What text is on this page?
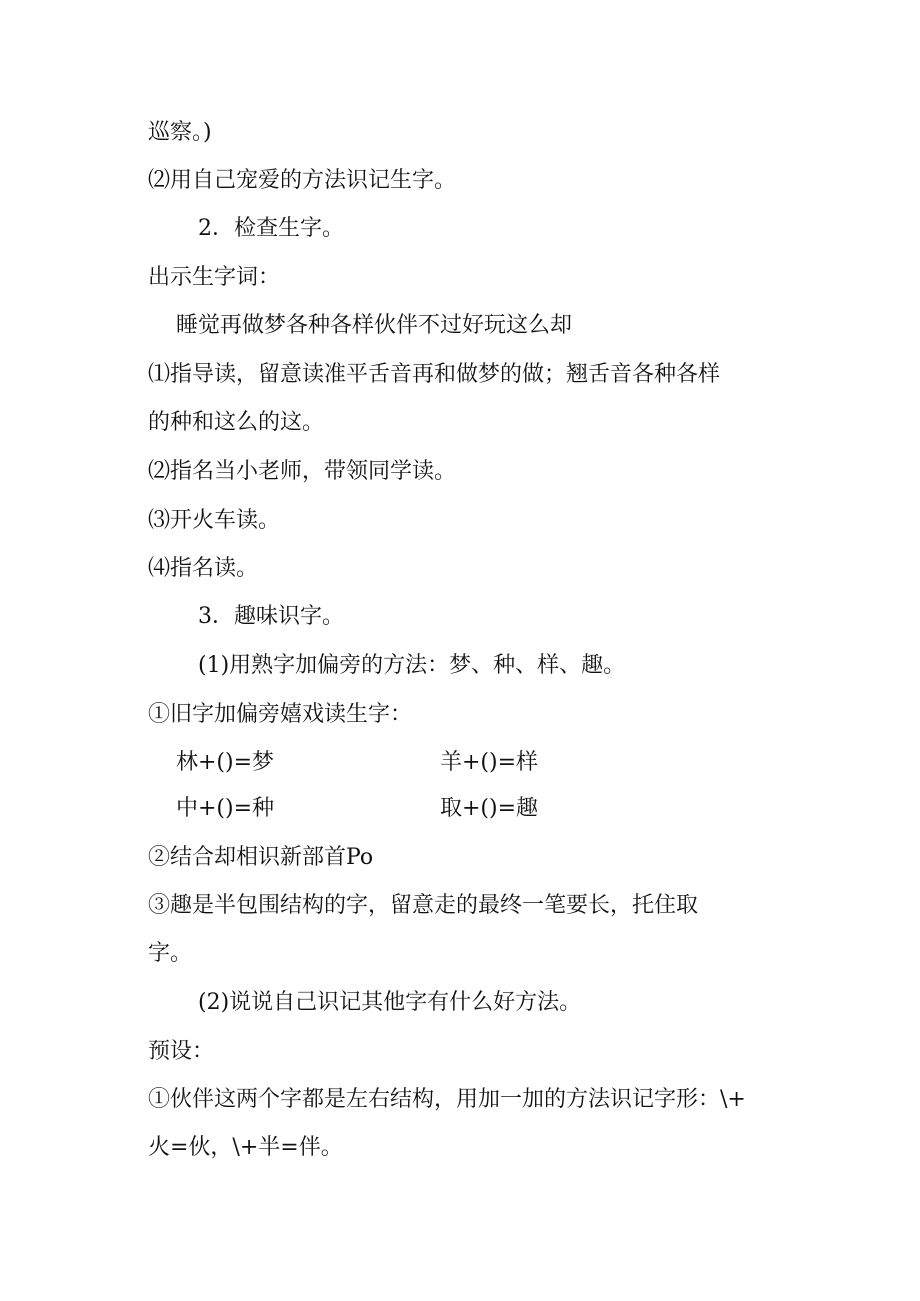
巡察。)
⑵用自己宠爱的方法识记生字。
2．检查生字。
出示生字词：
睡觉再做梦各种各样伙伴不过好玩这么却
⑴指导读，留意读准平舌音再和做梦的做；翘舌音各种各样
的种和这么的这。
⑵指名当小老师，带领同学读。
⑶开火车读。
⑷指名读。
3．趣味识字。
(1)用熟字加偏旁的方法：梦、种、样、趣。
①旧字加偏旁嬉戏读生字：
林+()=梦	羊+()=样
中+()=种	取+()=趣
②结合却相识新部首Po
③趣是半包围结构的字，留意走的最终一笔要长，托住取
字。
(2)说说自己识记其他字有什么好方法。
预设：
①伙伴这两个字都是左右结构，用加一加的方法识记字形：\+
火=伙，\+半=伴。
